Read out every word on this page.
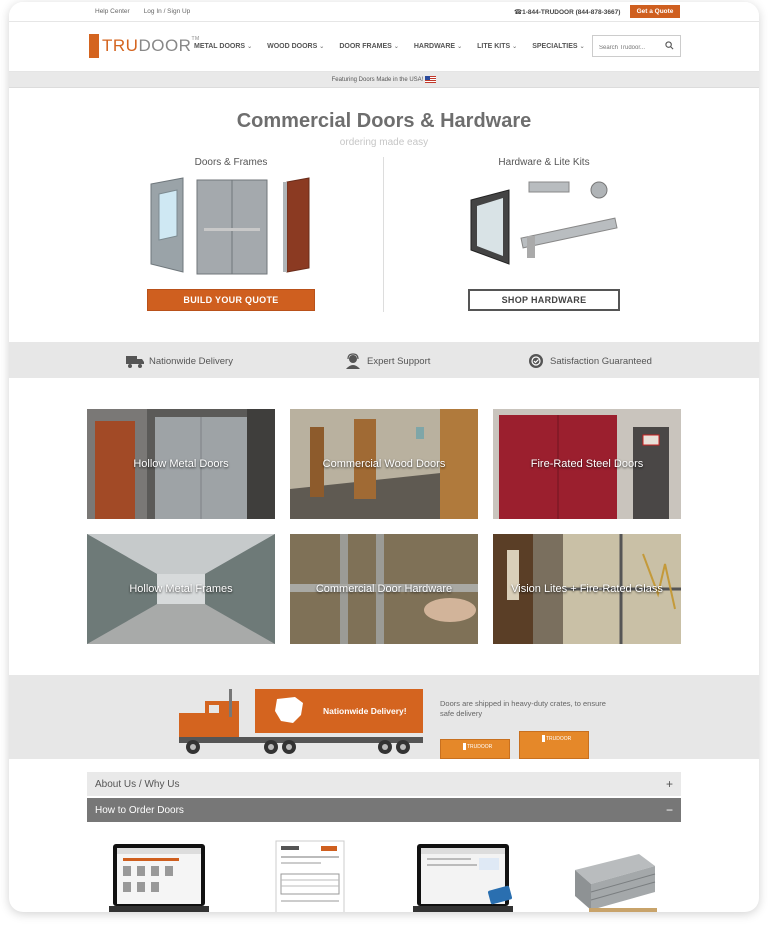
Help Center Log In / Sign Up	☎1-844-TRUDOOR (844-878-3667)	Get a Quote
TRUDOOR™
METAL DOORS ⌄ WOOD DOORS ⌄ DOOR FRAMES ⌄ HARDWARE ⌄ LITE KITS ⌄ SPECIALTIES ⌄
Search Trudoor...
Featuring Doors Made in the USA!
Commercial Doors & Hardware
ordering made easy
Doors & Frames	Hardware & Lite Kits
BUILD YOUR QUOTE	SHOP HARDWARE
Nationwide Delivery	Expert Support	Satisfaction Guaranteed
Hollow Metal Doors	Commercial Wood Doors	Fire-Rated Steel Doors
Hollow Metal Frames	Commercial Door Hardware	Vision Lites + Fire-Rated Glass
Nationwide Delivery!
Doors are shipped in heavy-duty crates, to ensure safe delivery
TRUDOOR
TRUDOOR
About Us / Why Us	+
How to Order Doors	−
